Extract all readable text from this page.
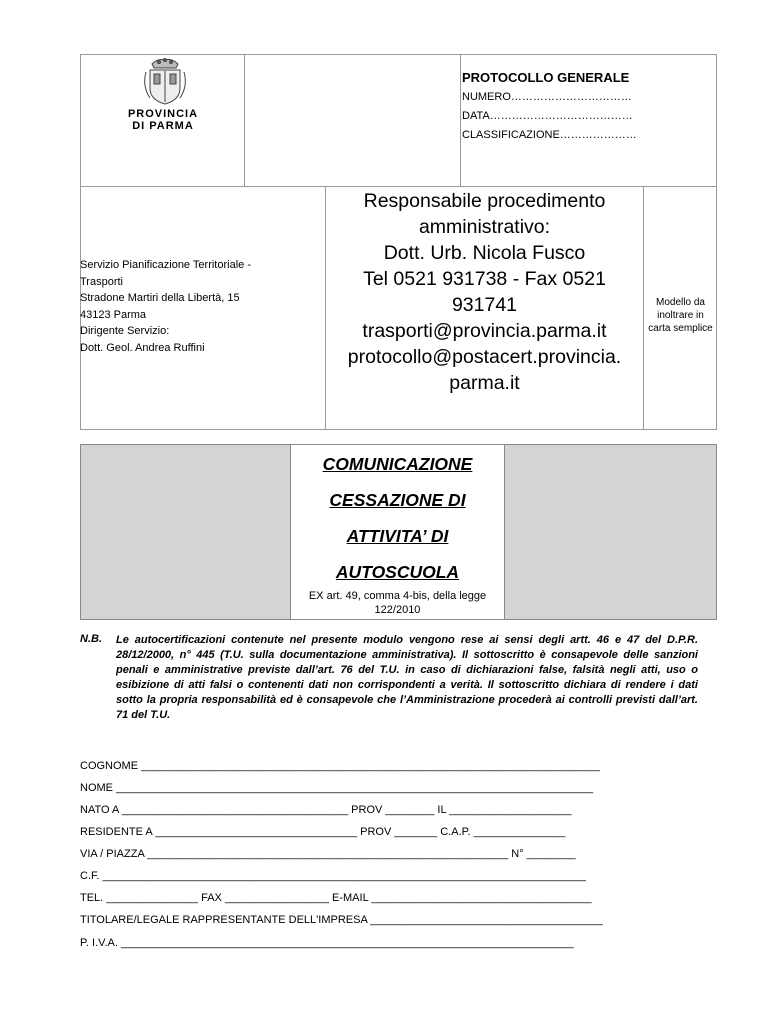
PROVINCIA
DI PARMA
PROTOCOLLO GENERALE
NUMERO……………………………
DATA…………………………………
CLASSIFICAZIONE…………………
Servizio Pianificazione Territoriale -
Trasporti
Stradone Martiri della Libertà, 15
43123 Parma
Dirigente Servizio:
Dott. Geol. Andrea Ruffini
Responsabile procedimento
amministrativo:
Dott. Urb. Nicola Fusco
Tel 0521 931738 - Fax 0521
931741
trasporti@provincia.parma.it
protocollo@postacert.provincia.
parma.it
Modello da
inoltrare in
carta semplice
COMUNICAZIONE
CESSAZIONE DI
ATTIVITA’ DI
AUTOSCUOLA
EX art. 49, comma 4-bis, della legge
122/2010
N.B. Le autocertificazioni contenute nel presente modulo vengono rese ai sensi degli artt. 46 e 47 del D.P.R. 28/12/2000, n° 445 (T.U. sulla documentazione amministrativa). Il sottoscritto è consapevole delle sanzioni penali e amministrative previste dall’art. 76 del T.U. in caso di dichiarazioni false, falsità negli atti, uso o esibizione di atti falsi o contenenti dati non corrispondenti a verità. Il sottoscritto dichiara di rendere i dati sotto la propria responsabilità ed è consapevole che l’Amministrazione procederà ai controlli previsti dall’art. 71 del T.U.
COGNOME ___________________________________________________________________________
NOME ______________________________________________________________________________
NATO A _____________________________________ PROV ________ IL ____________________
RESIDENTE A _________________________________ PROV _______ C.A.P. _______________
VIA / PIAZZA ___________________________________________________________ N° ________
C.F. _______________________________________________________________________________
TEL. _______________ FAX _________________ E-MAIL ____________________________________
TITOLARE/LEGALE RAPPRESENTANTE DELL'IMPRESA ______________________________________
P. I.V.A. __________________________________________________________________________
